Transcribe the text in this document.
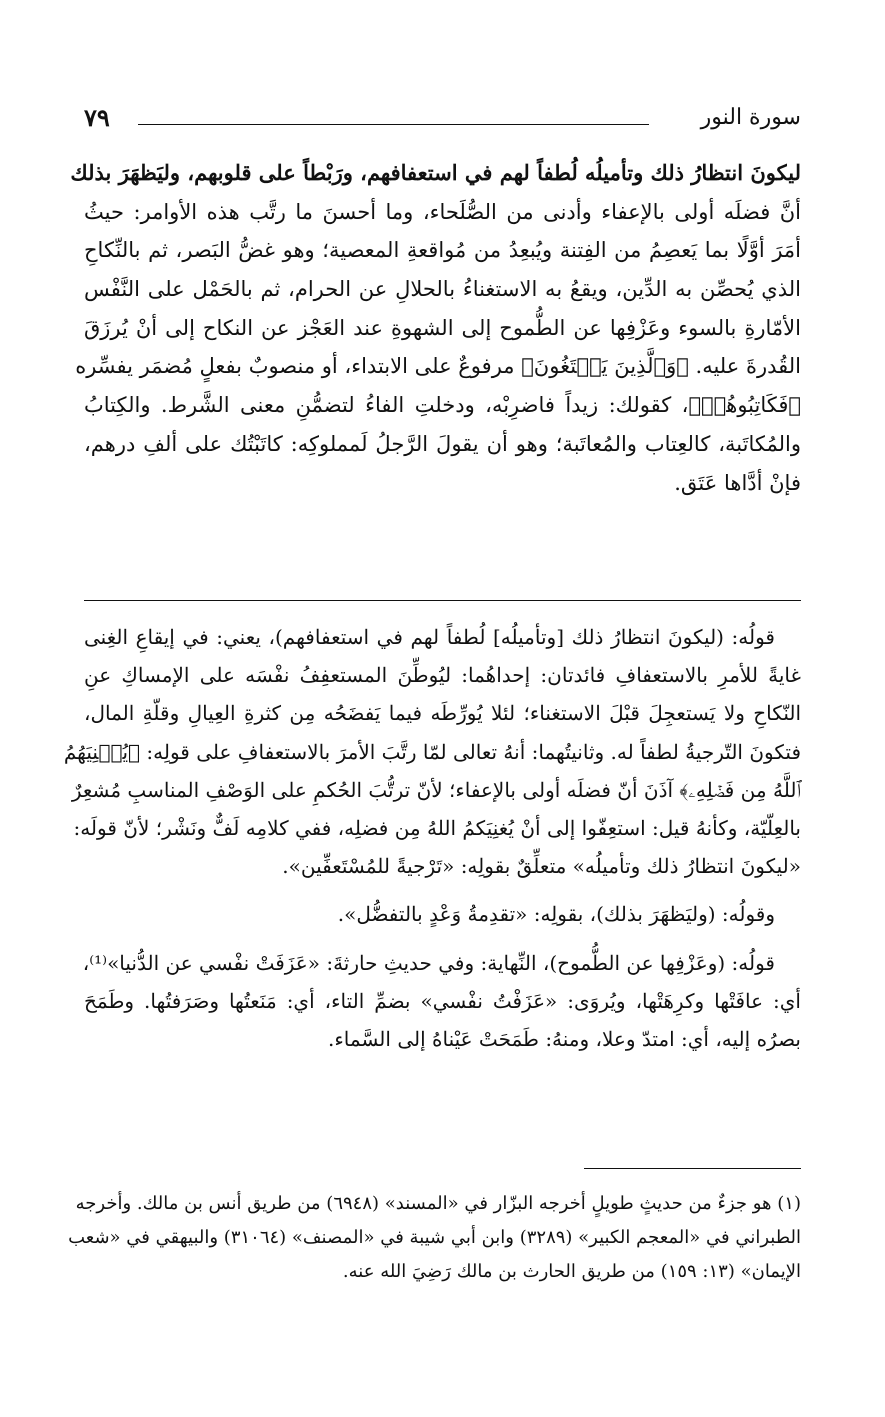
سورة النور
٧٩
ليكونَ انتظارُ ذلك وتأميلُه لُطفاً لهم في استعفافهم، ورَبْطاً على قلوبهم، وليَظهَرَ بذلك
أنَّ فضلَه أولى بالإعفاء وأدنى من الصُّلَحاء، وما أحسنَ ما رتَّب هذه الأوامر: حيثُ
أمَرَ أوَّلًا بما يَعصِمُ من الفِتنة ويُبعِدُ من مُواقعةِ المعصية؛ وهو غضُّ البَصر، ثم بالنِّكاحِ
الذي يُحصِّن به الدِّين، ويقعُ به الاستغناءُ بالحلالِ عن الحرام، ثم بالحَمْل على النَّفْس
الأمّارةِ بالسوء وعَزْفِها عن الطُّموح إلى الشهوةِ عند العَجْز عن النكاح إلى أنْ يُرزَقَ
القُدرةَ عليه. ﴿وَٱلَّذِينَ يَبۡتَغُونَ﴾ مرفوعٌ على الابتداء، أو منصوبٌ بفعلٍ مُضمَر يفسِّره
﴿فَكَاتِبُوهُمۡ﴾، كقولك: زيداً فاضرِبْه، ودخلتِ الفاءُ لتضمُّنِ معنى الشَّرط. والكِتابُ
والمُكاتَبة، كالعِتاب والمُعاتَبة؛ وهو أن يقولَ الرَّجلُ لَمملوكِه: كاتَبْتُك على ألفِ درهم،
فإنْ أدَّاها عَتَق.
قولُه: (ليكونَ انتظارُ ذلك [وتأميلُه] لُطفاً لهم في استعفافهم)، يعني: في إيقاعِ الغِنى
غايةً للأمرِ بالاستعفافِ فائدتان: إحداهُما: ليُوطِّنَ المستعفِفُ نفْسَه على الإمساكِ عنِ
النّكاحِ ولا يَستعجِلَ قبْلَ الاستغناء؛ لئلا يُورِّطَه فيما يَفضَحُه مِن كثرةِ العِيالِ وقلّةِ المال،
فتكونَ التّرجيةُ لطفاً له. وثانيتُهما: أنهُ تعالى لمّا رتَّبَ الأمرَ بالاستعفافِ على قولِه: ﴿يُغۡنِيَهُمُ
ٱللَّهُ مِن فَضۡلِهِۦ﴾ آذَنَ أنّ فضلَه أولى بالإعفاء؛ لأنّ ترتُّبَ الحُكمِ على الوَصْفِ المناسبِ مُشعِرٌ
بالعِلّيّة، وكأنهُ قيل: استعِفّوا إلى أنْ يُغنِيَكمُ اللهُ مِن فضلِه، ففي كلامِه لَفٌّ ونَشْر؛ لأنّ قولَه:
«ليكونَ انتظارُ ذلك وتأميلُه» متعلِّقٌ بقولِه: «تَرْجيةً للمُسْتَعفِّين».
وقولُه: (وليَظهَرَ بذلك)، بقولِه: «تقدِمةُ وَعْدٍ بالتفضُّل».
قولُه: (وعَزْفِها عن الطُّموح)، النِّهاية: وفي حديثِ حارثةَ: «عَزَفَتْ نفْسي عن الدُّنيا»⁽¹⁾،
أي: عافَتْها وكرِهَتْها، ويُروَى: «عَزَفْتُ نفْسي» بضمِّ التاء، أي: مَنَعتُها وصَرَفتُها. وطَمَحَ
بصرُه إليه، أي: امتدّ وعلا، ومنهُ: طَمَحَتْ عَيْناهُ إلى السَّماء.
(١) هو جزءٌ من حديثٍ طويلٍ أخرجه البزّار في «المسند» (٦٩٤٨) من طريق أنس بن مالك. وأخرجه
الطبراني في «المعجم الكبير» (٣٢٨٩) وابن أبي شيبة في «المصنف» (٣١٠٦٤) والبيهقي في «شعب
الإيمان» (١٣: ١٥٩) من طريق الحارث بن مالك رَضِيَ الله عنه.
